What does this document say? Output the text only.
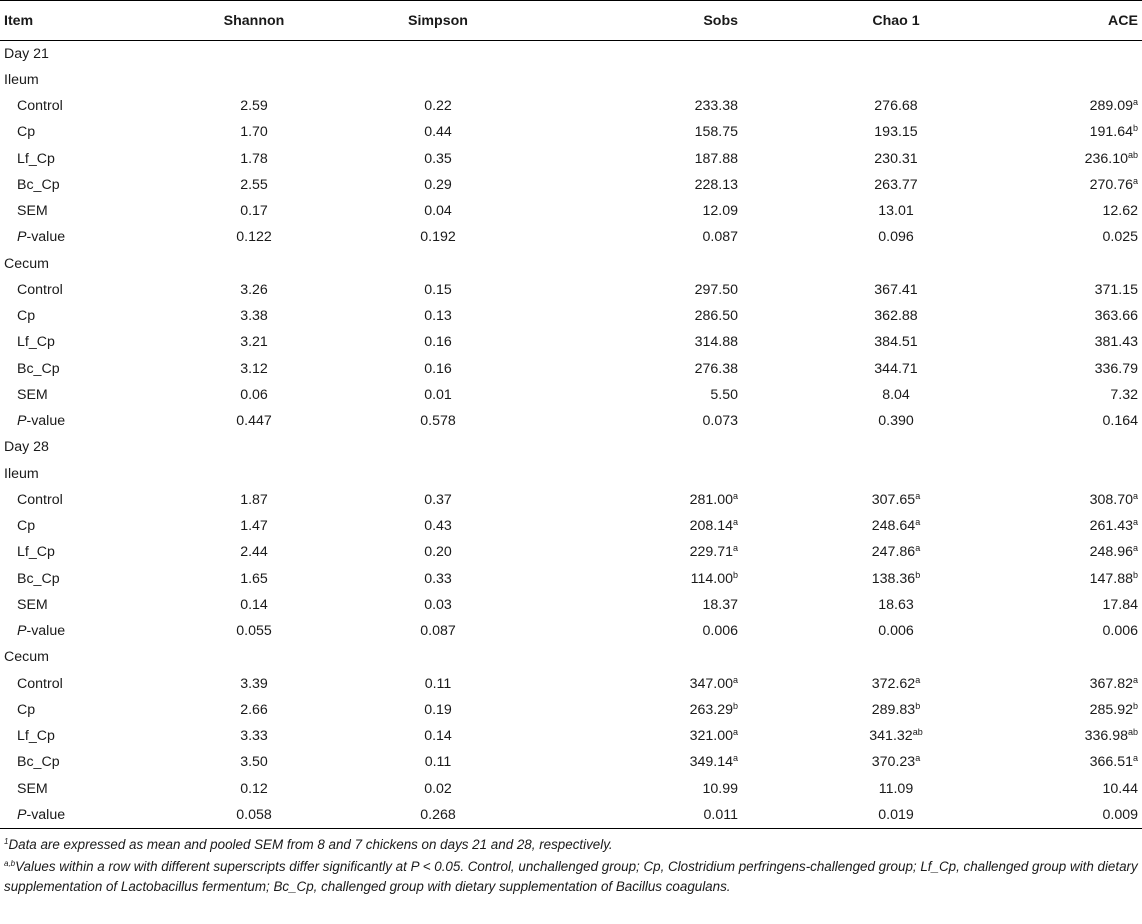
Item	Shannon	Simpson	Sobs	Chao 1	ACE
Day 21					
Ileum					
Control	2.59	0.22	233.38	276.68	289.09$^a$
Cp	1.70	0.44	158.75	193.15	191.64$^b$
Lf_Cp	1.78	0.35	187.88	230.31	236.10$^{ab}$
Bc_Cp	2.55	0.29	228.13	263.77	270.76$^a$
SEM	0.17	0.04	12.09	13.01	12.62
P-value	0.122	0.192	0.087	0.096	0.025
Cecum					
Control	3.26	0.15	297.50	367.41	371.15
Cp	3.38	0.13	286.50	362.88	363.66
Lf_Cp	3.21	0.16	314.88	384.51	381.43
Bc_Cp	3.12	0.16	276.38	344.71	336.79
SEM	0.06	0.01	5.50	8.04	7.32
P-value	0.447	0.578	0.073	0.390	0.164
Day 28					
Ileum					
Control	1.87	0.37	281.00$^a$	307.65$^a$	308.70$^a$
Cp	1.47	0.43	208.14$^a$	248.64$^a$	261.43$^a$
Lf_Cp	2.44	0.20	229.71$^a$	247.86$^a$	248.96$^a$
Bc_Cp	1.65	0.33	114.00$^b$	138.36$^b$	147.88$^b$
SEM	0.14	0.03	18.37	18.63	17.84
P-value	0.055	0.087	0.006	0.006	0.006
Cecum					
Control	3.39	0.11	347.00$^a$	372.62$^a$	367.82$^a$
Cp	2.66	0.19	263.29$^b$	289.83$^b$	285.92$^b$
Lf_Cp	3.33	0.14	321.00$^a$	341.32$^{ab}$	336.98$^{ab}$
Bc_Cp	3.50	0.11	349.14$^a$	370.23$^a$	366.51$^a$
SEM	0.12	0.02	10.99	11.09	10.44
P-value	0.058	0.268	0.011	0.019	0.009
$^1$Data are expressed as mean and pooled SEM from 8 and 7 chickens on days 21 and 28, respectively.
$^{a,b}$Values within a row with different superscripts differ significantly at P < 0.05. Control, unchallenged group; Cp, Clostridium perfringens-challenged group; Lf_Cp, challenged group with dietary supplementation of Lactobacillus fermentum; Bc_Cp, challenged group with dietary supplementation of Bacillus coagulans.
